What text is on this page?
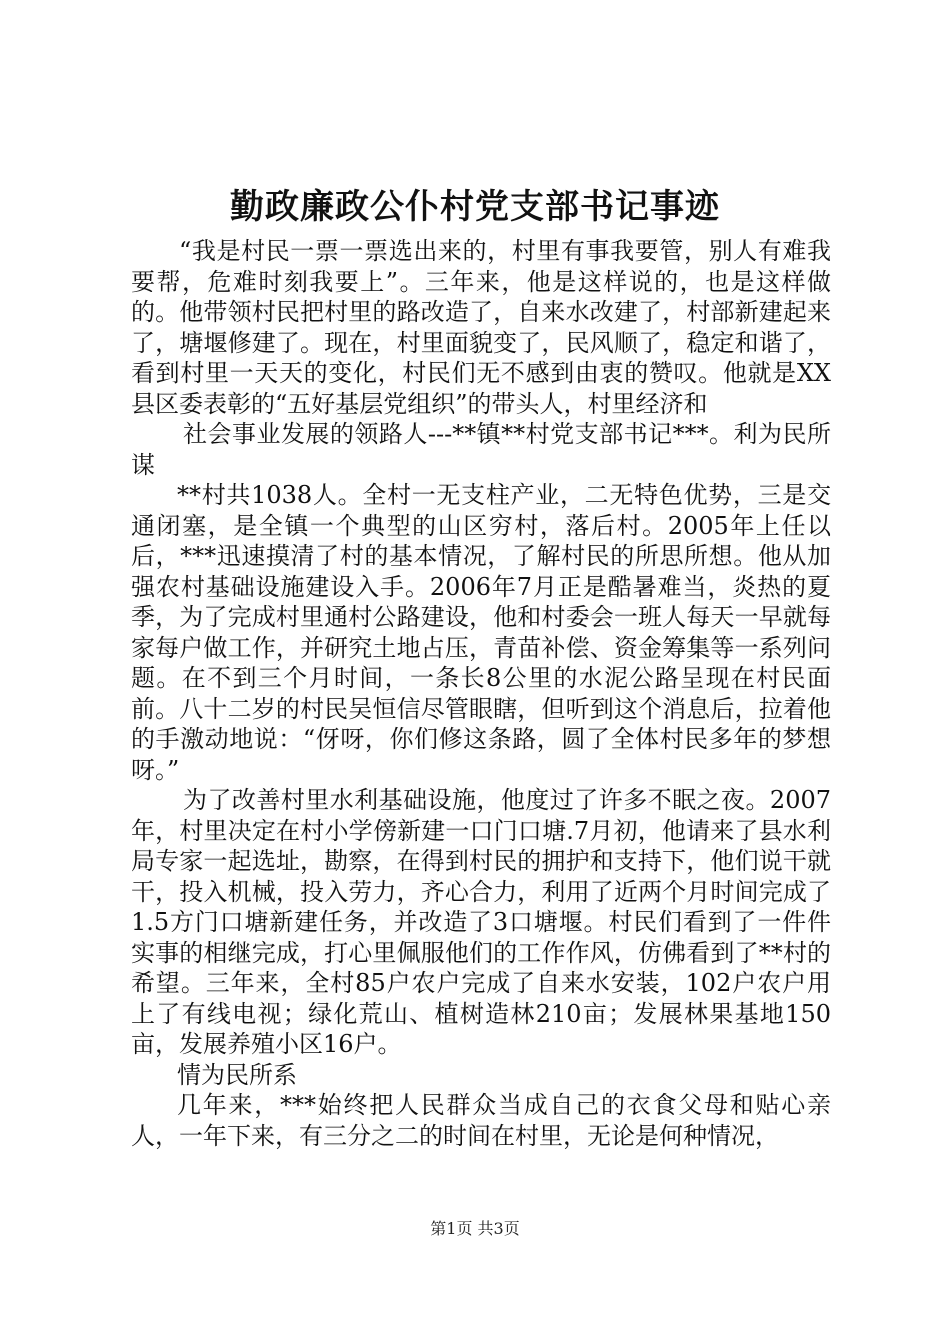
勤政廉政公仆村党支部书记事迹

“我是村民一票一票选出来的，村里有事我要管，别人有难我要帮，危难时刻我要上”。三年来，他是这样说的，也是这样做的。他带领村民把村里的路改造了，自来水改建了，村部新建起来了，塘堰修建了。现在，村里面貌变了，民风顺了，稳定和谐了，看到村里一天天的变化，村民们无不感到由衷的赞叹。他就是XX县区委表彰的“五好基层党组织”的带头人，村里经济和

社会事业发展的领路人---**镇**村党支部书记***。利为民所谋

**村共1038人。全村一无支柱产业，二无特色优势，三是交通闭塞，是全镇一个典型的山区穷村，落后村。2005年上任以后，***迅速摸清了村的基本情况，了解村民的所思所想。他从加强农村基础设施建设入手。2006年7月正是酷暑难当，炎热的夏季，为了完成村里通村公路建设，他和村委会一班人每天一早就每家每户做工作，并研究土地占压，青苗补偿、资金筹集等一系列问题。在不到三个月时间，一条长8公里的水泥公路呈现在村民面前。八十二岁的村民吴恒信尽管眼瞎，但听到这个消息后，拉着他的手激动地说：“伢呀，你们修这条路，圆了全体村民多年的梦想呀。”

为了改善村里水利基础设施，他度过了许多不眠之夜。2007年，村里决定在村小学傍新建一口门口塘.7月初，他请来了县水利局专家一起选址，勘察，在得到村民的拥护和支持下，他们说干就干，投入机械，投入劳力，齐心合力，利用了近两个月时间完成了1.5方门口塘新建任务，并改造了3口塘堰。村民们看到了一件件实事的相继完成，打心里佩服他们的工作作风，仿佛看到了**村的希望。三年来，全村85户农户完成了自来水安装，102户农户用上了有线电视；绿化荒山、植树造林210亩；发展林果基地150亩，发展养殖小区16户。

情为民所系

几年来，***始终把人民群众当成自己的衣食父母和贴心亲人，一年下来，有三分之二的时间在村里，无论是何种情况，

第1页 共3页
